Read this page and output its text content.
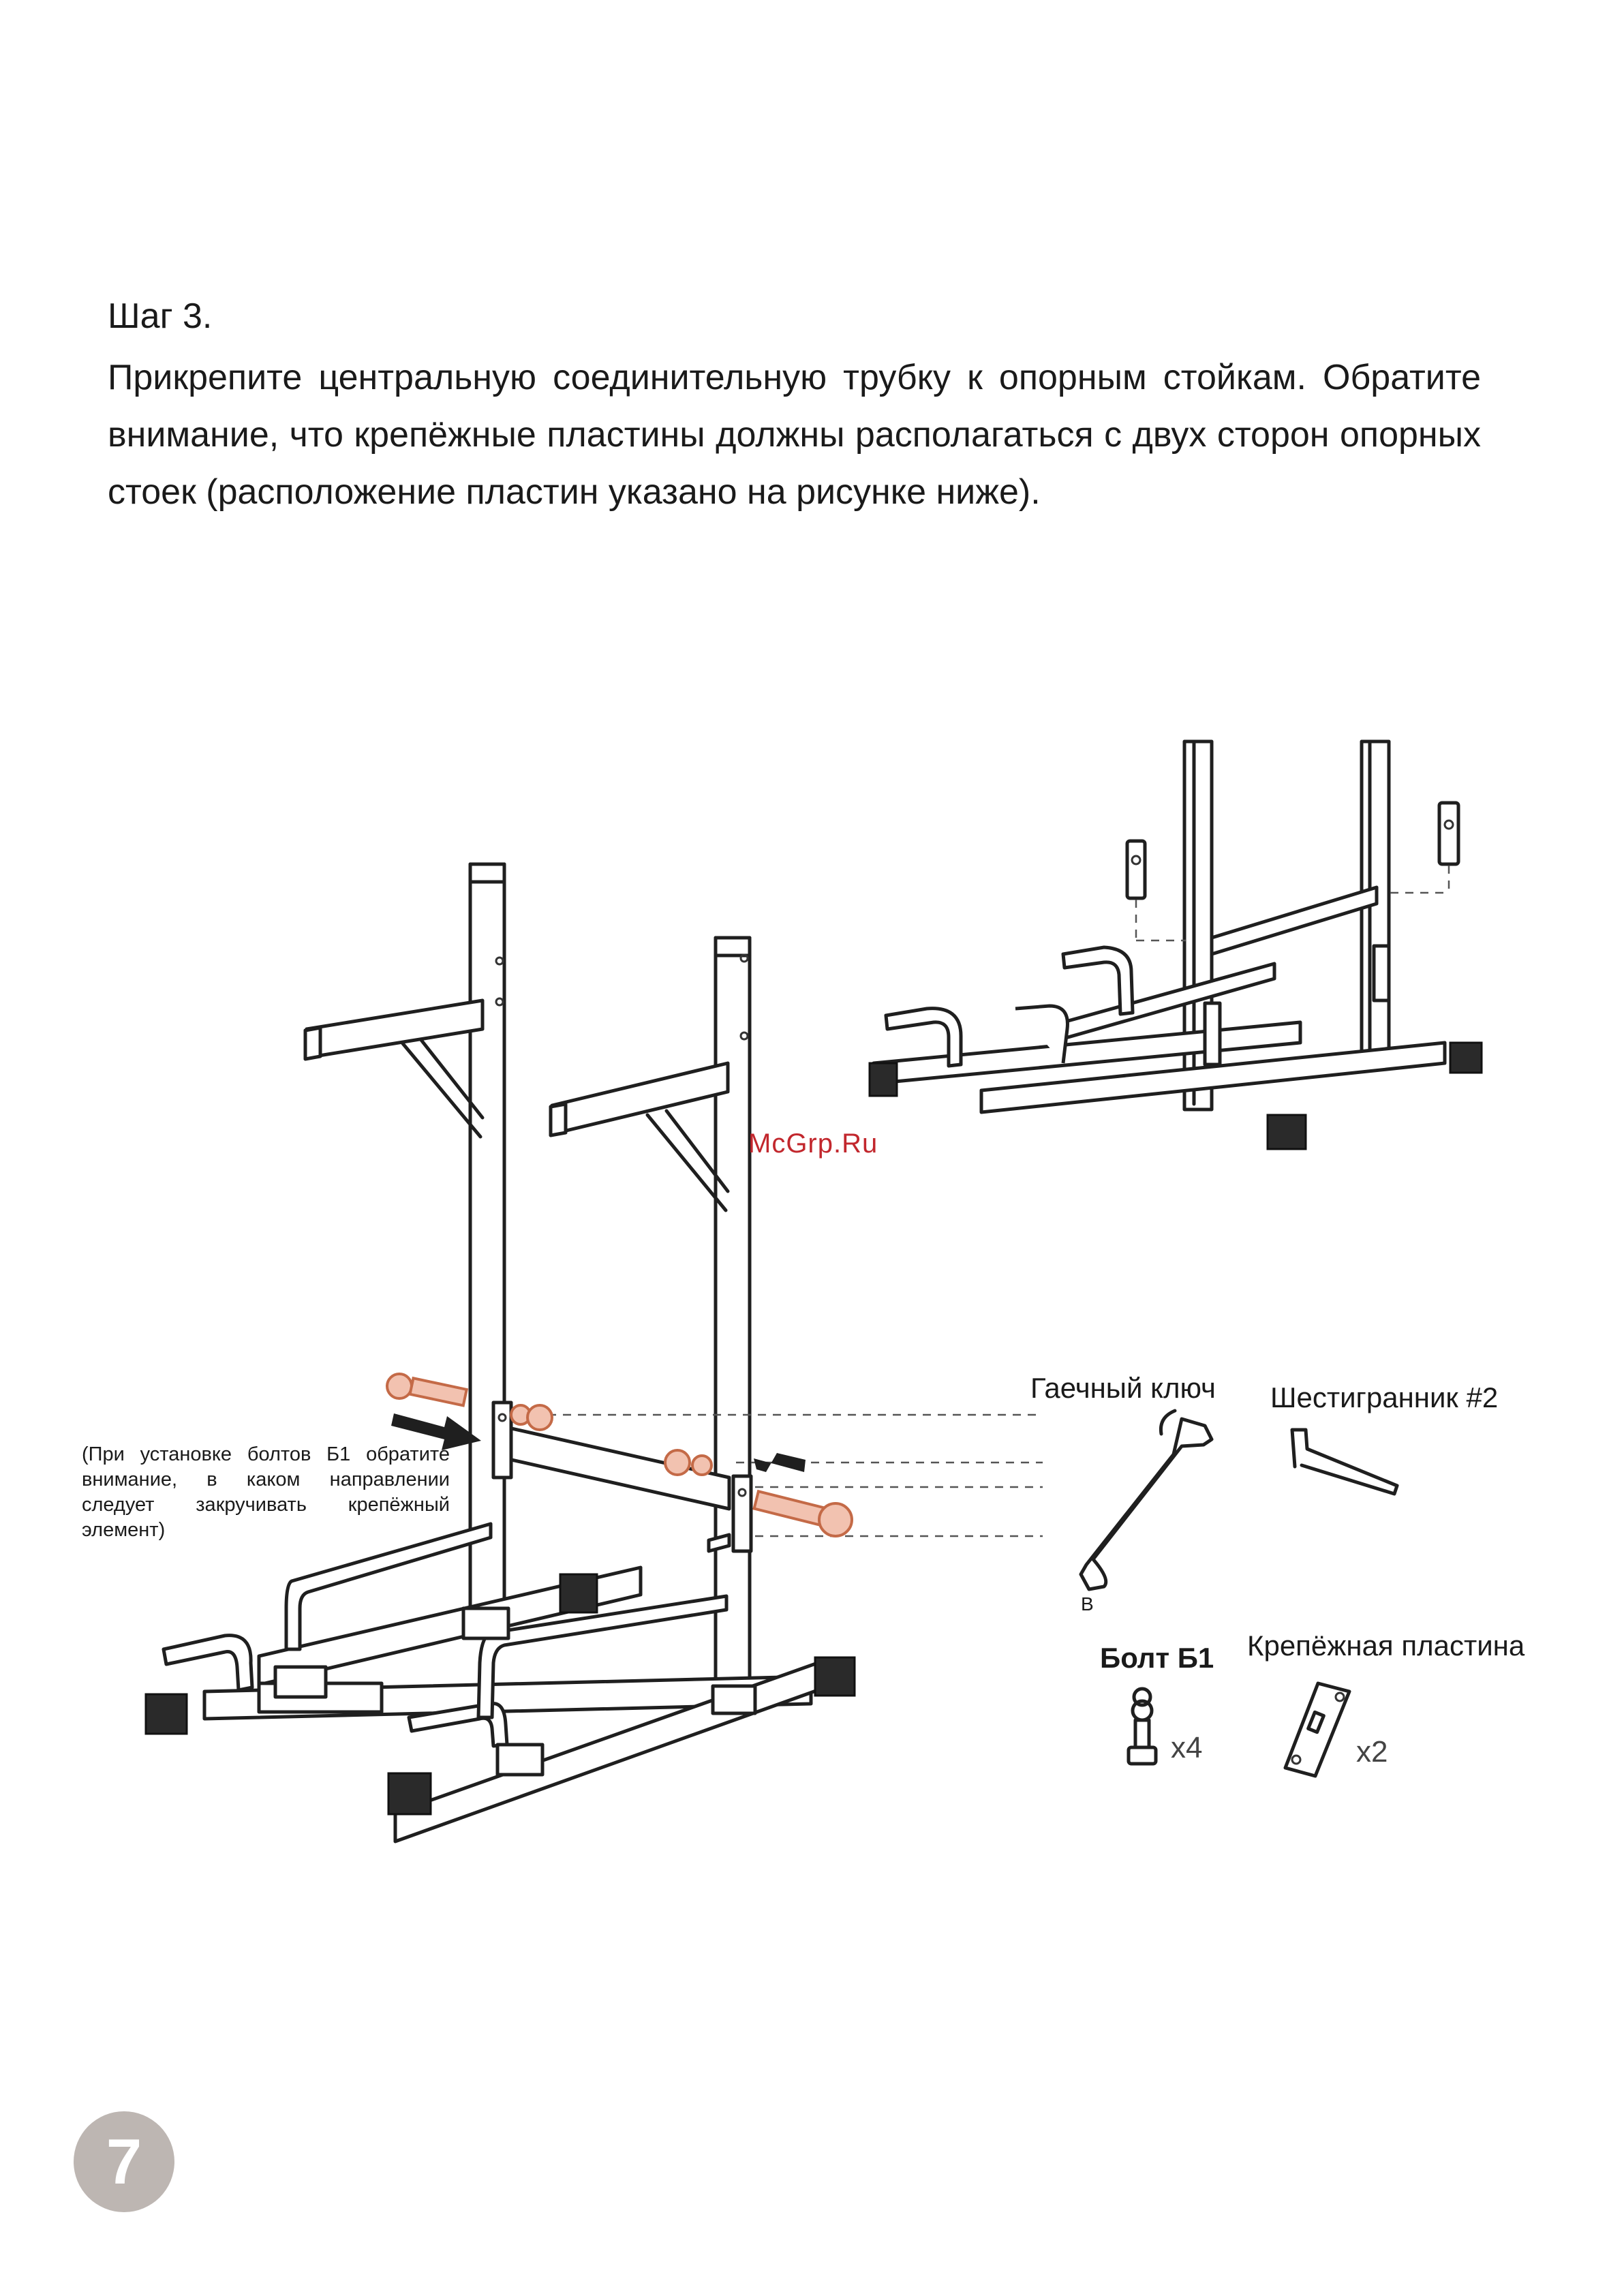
Шаг 3.
Прикрепите центральную соединительную трубку к опорным стойкам. Обратите внимание, что крепёжные пластины должны располагаться с двух сторон опорных стоек (расположение пластин указано на рисунке ниже).
McGrp.Ru
(При установке болтов Б1 обратите внимание, в каком направлении следует закручивать крепёжный элемент)
Гаечный ключ
B
Шестигранник #2
Болт Б1
x4
Крепёжная пластина
x2
7
